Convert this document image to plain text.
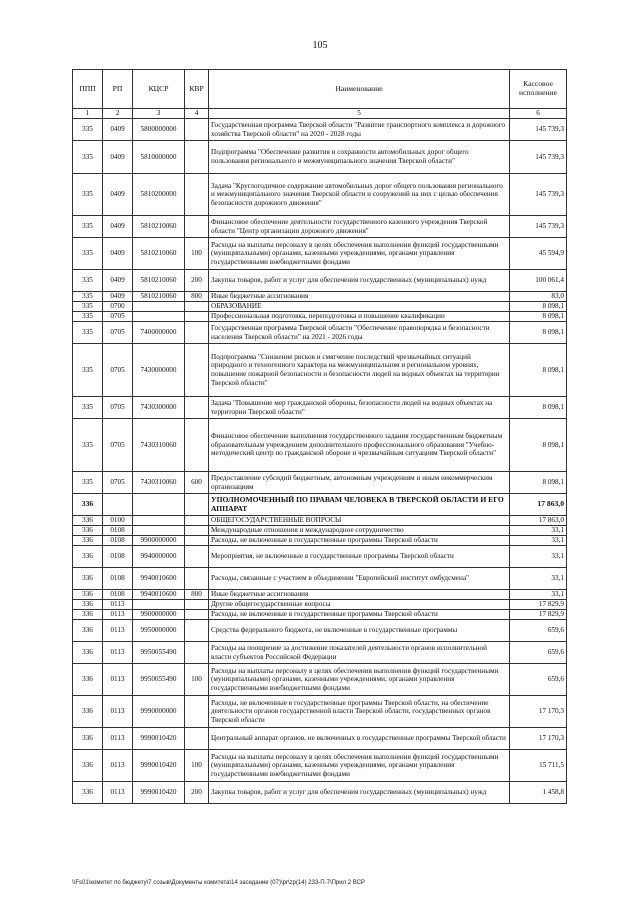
105
ППП	РП	КЦСР	КВР	Наименование	Кассовое исполнение
1	2	3	4	5	6
335	0409	5800000000		Государственная программа Тверской области "Развитие транспортного комплекса и дорожного хозяйства Тверской области" на 2020 - 2028 годы	145 739,3
335	0409	5810000000		Подпрограмма "Обеспечение развития и сохранности автомобильных дорог общего пользования регионального и межмуниципального значения Тверской области"	145 739,3
335	0409	5810200000		Задача "Круглогодичное содержание автомобильных дорог общего пользования регионального и межмуниципального значения Тверской области и сооружений на них с целью обеспечения безопасности дорожного движения"	145 739,3
335	0409	5810210060		Финансовое обеспечение деятельности государственного казенного учреждения Тверской области "Центр организации дорожного движения"	145 739,3
335	0409	5810210060	100	Расходы на выплаты персоналу в целях обеспечения выполнения функций государственными (муниципальными) органами, казенными учреждениями, органами управления государственными внебюджетными фондами	45 594,9
335	0409	5810210060	200	Закупка товаров, работ и услуг для обеспечения государственных (муниципальных) нужд	100 061,4
335	0409	5810210060	800	Иные бюджетные ассигнования	83,0
335	0700			ОБРАЗОВАНИЕ	8 098,1
335	0705			Профессиональная подготовка, переподготовка и повышение квалификации	8 098,1
335	0705	7400000000		Государственная программа Тверской области "Обеспечение правопорядка и безопасности населения Тверской области" на 2021 - 2026 годы	8 098,1
335	0705	7430000000		Подпрограмма "Снижение рисков и смягчение последствий чрезвычайных ситуаций природного и техногенного характера на межмуниципальном и региональном уровнях, повышение пожарной безопасности и безопасности людей на водных объектах на территории Тверской области"	8 098,1
335	0705	7430300000		Задача "Повышение мер гражданской обороны, безопасности людей на водных объектах на территории Тверской области"	8 098,1
335	0705	7430310060		Финансовое обеспечение выполнения государственного задания государственным бюджетным образовательным учреждением дополнительного профессионального образования "Учебно-методический центр по гражданской обороне и чрезвычайным ситуациям Тверской области"	8 098,1
335	0705	7430310060	600	Предоставление субсидий бюджетным, автономным учреждениям и иным некоммерческим организациям	8 098,1
336				УПОЛНОМОЧЕННЫЙ ПО ПРАВАМ ЧЕЛОВЕКА В ТВЕРСКОЙ ОБЛАСТИ И ЕГО АППАРАТ	17 863,0
336	0100			ОБЩЕГОСУДАРСТВЕННЫЕ ВОПРОСЫ	17 863,0
336	0108			Международные отношения и международное сотрудничество	33,1
336	0108	9900000000		Расходы, не включенные в государственные программы Тверской области	33,1
336	0108	9940000000		Мероприятия, не включенные в государственные программы Тверской области	33,1
336	0108	9940010600		Расходы, связанные с участием в объединении "Европейский институт омбудсмена"	33,1
336	0108	9940010600	800	Иные бюджетные ассигнования	33,1
336	0113			Другие общегосударственные вопросы	17 829,9
336	0113	9900000000		Расходы, не включенные в государственные программы Тверской области	17 829,9
336	0113	9950000000		Средства федерального бюджета, не включенные в государственные программы	659,6
336	0113	9950055490		Расходы на поощрение за достижение показателей деятельности органов исполнительной власти субъектов Российской Федерации	659,6
336	0113	9950055490	100	Расходы на выплаты персоналу в целях обеспечения выполнения функций государственными (муниципальными) органами, казенными учреждениями, органами управления государственными внебюджетными фондами	659,6
336	0113	9990000000		Расходы, не включенные в государственные программы Тверской области, на обеспечение деятельности органов государственной власти Тверской области, государственных органов Тверской области	17 170,3
336	0113	9990010420		Центральный аппарат органов, не включенных в государственные программы Тверской области	17 170,3
336	0113	9990010420	100	Расходы на выплаты персоналу в целях обеспечения выполнения функций государственными (муниципальными) органами, казенными учреждениями, органами управления государственными внебюджетными фондами	15 711,5
336	0113	9990010420	200	Закупка товаров, работ и услуг для обеспечения государственных (муниципальных) нужд	1 458,8
\\Fs01\комитет по бюджету\7 созыв\Документы комитета\14 заседание (07)\pr\zp(14) 233-П-7\Прил 2 ВСР
